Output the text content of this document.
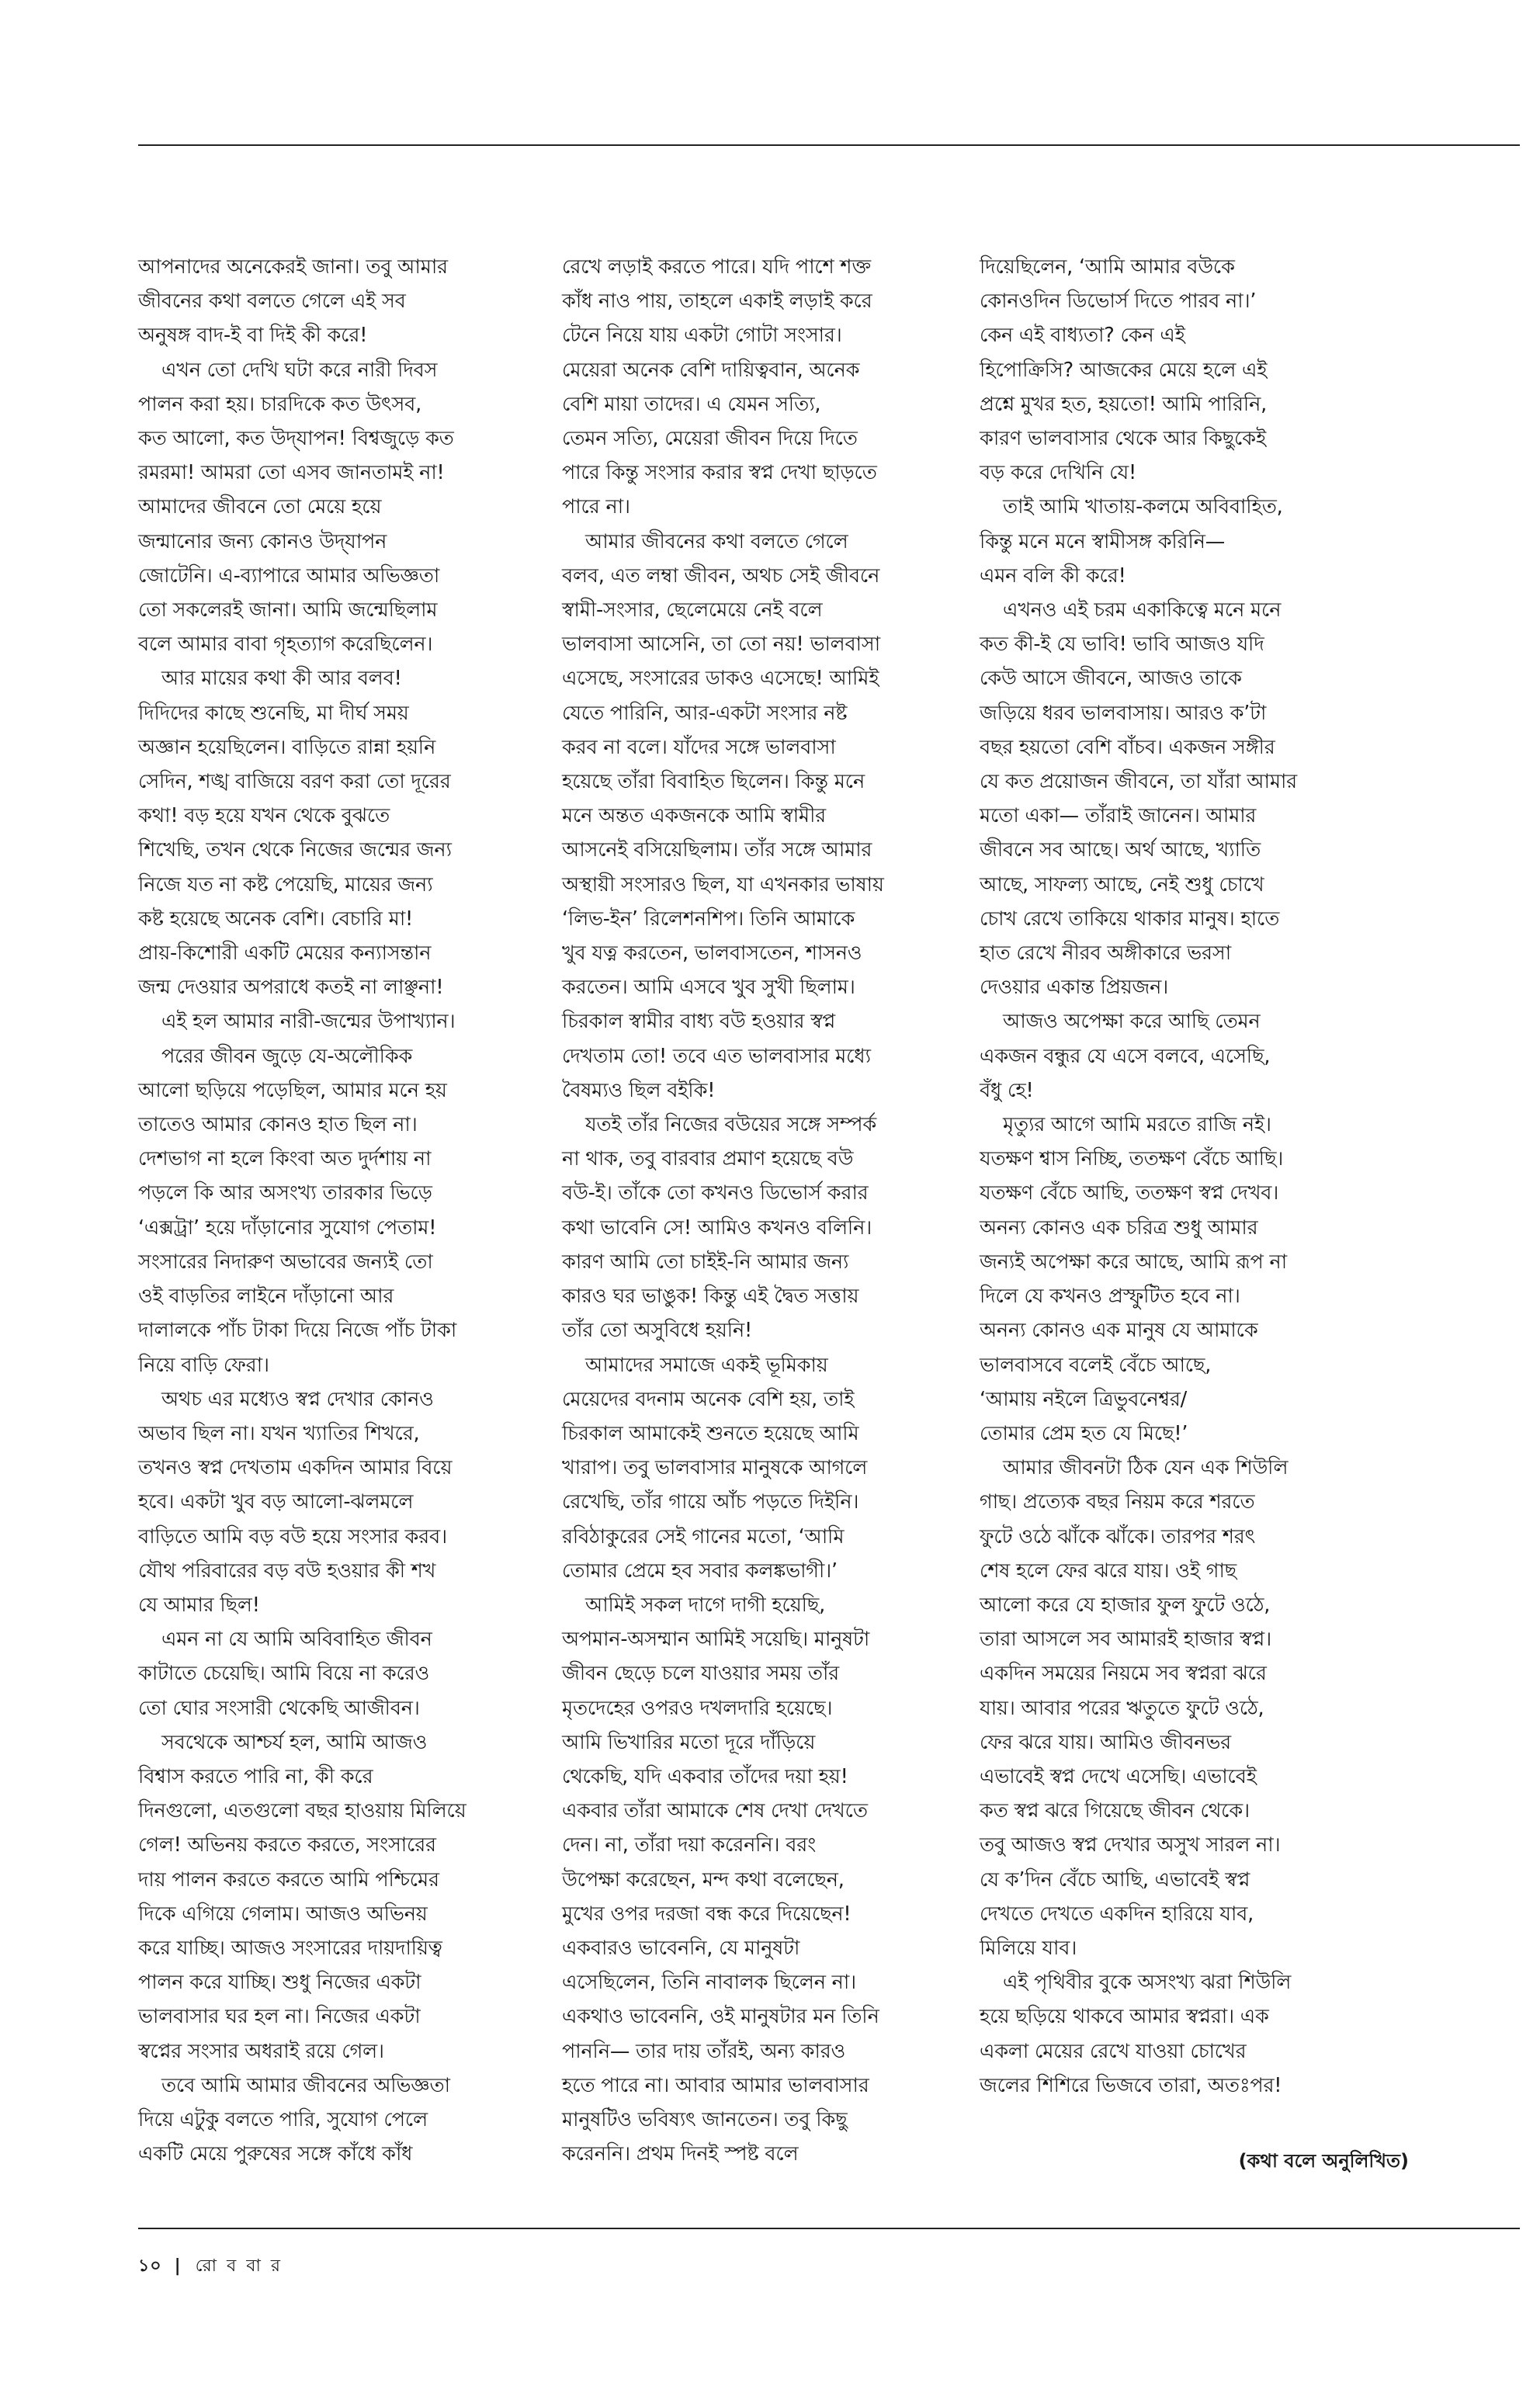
আপনাদের অনেকেরই জানা। তবু আমার
জীবনের কথা বলতে গেলে এই সব
অনুষঙ্গ বাদ-ই বা দিই কী করে!

এখন তো দেখি ঘটা করে নারী দিবস
পালন করা হয়। চারদিকে কত উৎসব,
কত আলো, কত উদ্‌যাপন! বিশ্বজুড়ে কত
রমরমা! আমরা তো এসব জানতামই না!
আমাদের জীবনে তো মেয়ে হয়ে
জন্মানোর জন্য কোনও উদ্‌যাপন
জোটেনি। এ-ব্যাপারে আমার অভিজ্ঞতা
তো সকলেরই জানা। আমি জন্মেছিলাম
বলে আমার বাবা গৃহত্যাগ করেছিলেন।

আর মায়ের কথা কী আর বলব!
দিদিদের কাছে শুনেছি, মা দীর্ঘ সময়
অজ্ঞান হয়েছিলেন। বাড়িতে রান্না হয়নি
সেদিন, শঙ্খ বাজিয়ে বরণ করা তো দূরের
কথা! বড় হয়ে যখন থেকে বুঝতে
শিখেছি, তখন থেকে নিজের জন্মের জন্য
নিজে যত না কষ্ট পেয়েছি, মায়ের জন্য
কষ্ট হয়েছে অনেক বেশি। বেচারি মা!
প্রায়-কিশোরী একটি মেয়ের কন্যাসন্তান
জন্ম দেওয়ার অপরাধে কতই না লাঞ্ছনা!

এই হল আমার নারী-জন্মের উপাখ্যান।

পরের জীবন জুড়ে যে-অলৌকিক
আলো ছড়িয়ে পড়েছিল, আমার মনে হয়
তাতেও আমার কোনও হাত ছিল না।
দেশভাগ না হলে কিংবা অত দুর্দশায় না
পড়লে কি আর অসংখ্য তারকার ভিড়ে
‘এক্সট্রা’ হয়ে দাঁড়ানোর সুযোগ পেতাম!
সংসারের নিদারুণ অভাবের জন্যই তো
ওই বাড়তির লাইনে দাঁড়ানো আর
দালালকে পাঁচ টাকা দিয়ে নিজে পাঁচ টাকা
নিয়ে বাড়ি ফেরা।

অথচ এর মধ্যেও স্বপ্ন দেখার কোনও
অভাব ছিল না। যখন খ্যাতির শিখরে,
তখনও স্বপ্ন দেখতাম একদিন আমার বিয়ে
হবে। একটা খুব বড় আলো-ঝলমলে
বাড়িতে আমি বড় বউ হয়ে সংসার করব।
যৌথ পরিবারের বড় বউ হওয়ার কী শখ
যে আমার ছিল!

এমন না যে আমি অবিবাহিত জীবন
কাটাতে চেয়েছি। আমি বিয়ে না করেও
তো ঘোর সংসারী থেকেছি আজীবন।

সবথেকে আশ্চর্য হল, আমি আজও
বিশ্বাস করতে পারি না, কী করে
দিনগুলো, এতগুলো বছর হাওয়ায় মিলিয়ে
গেল! অভিনয় করতে করতে, সংসারের
দায় পালন করতে করতে আমি পশ্চিমের
দিকে এগিয়ে গেলাম। আজও অভিনয়
করে যাচ্ছি। আজও সংসারের দায়দায়িত্ব
পালন করে যাচ্ছি। শুধু নিজের একটা
ভালবাসার ঘর হল না। নিজের একটা
স্বপ্নের সংসার অধরাই রয়ে গেল।

তবে আমি আমার জীবনের অভিজ্ঞতা
দিয়ে এটুকু বলতে পারি, সুযোগ পেলে
একটি মেয়ে পুরুষের সঙ্গে কাঁধে কাঁধ

রেখে লড়াই করতে পারে। যদি পাশে শক্ত
কাঁধ নাও পায়, তাহলে একাই লড়াই করে
টেনে নিয়ে যায় একটা গোটা সংসার।
মেয়েরা অনেক বেশি দায়িত্ববান, অনেক
বেশি মায়া তাদের। এ যেমন সত্যি,
তেমন সত্যি, মেয়েরা জীবন দিয়ে দিতে
পারে কিন্তু সংসার করার স্বপ্ন দেখা ছাড়তে
পারে না।

আমার জীবনের কথা বলতে গেলে
বলব, এত লম্বা জীবন, অথচ সেই জীবনে
স্বামী-সংসার, ছেলেমেয়ে নেই বলে
ভালবাসা আসেনি, তা তো নয়! ভালবাসা
এসেছে, সংসারের ডাকও এসেছে! আমিই
যেতে পারিনি, আর-একটা সংসার নষ্ট
করব না বলে। যাঁদের সঙ্গে ভালবাসা
হয়েছে তাঁরা বিবাহিত ছিলেন। কিন্তু মনে
মনে অন্তত একজনকে আমি স্বামীর
আসনেই বসিয়েছিলাম। তাঁর সঙ্গে আমার
অস্থায়ী সংসারও ছিল, যা এখনকার ভাষায়
‘লিভ-ইন’ রিলেশনশিপ। তিনি আমাকে
খুব যত্ন করতেন, ভালবাসতেন, শাসনও
করতেন। আমি এসবে খুব সুখী ছিলাম।
চিরকাল স্বামীর বাধ্য বউ হওয়ার স্বপ্ন
দেখতাম তো! তবে এত ভালবাসার মধ্যে
বৈষম্যও ছিল বইকি!

যতই তাঁর নিজের বউয়ের সঙ্গে সম্পর্ক
না থাক, তবু বারবার প্রমাণ হয়েছে বউ
বউ-ই। তাঁকে তো কখনও ডিভোর্স করার
কথা ভাবেনি সে! আমিও কখনও বলিনি।
কারণ আমি তো চাইই-নি আমার জন্য
কারও ঘর ভাঙুক! কিন্তু এই দ্বৈত সত্তায়
তাঁর তো অসুবিধে হয়নি!

আমাদের সমাজে একই ভূমিকায়
মেয়েদের বদনাম অনেক বেশি হয়, তাই
চিরকাল আমাকেই শুনতে হয়েছে আমি
খারাপ। তবু ভালবাসার মানুষকে আগলে
রেখেছি, তাঁর গায়ে আঁচ পড়তে দিইনি।
রবিঠাকুরের সেই গানের মতো, ‘আমি
তোমার প্রেমে হব সবার কলঙ্কভাগী।’

আমিই সকল দাগে দাগী হয়েছি,
অপমান-অসম্মান আমিই সয়েছি। মানুষটা
জীবন ছেড়ে চলে যাওয়ার সময় তাঁর
মৃতদেহের ওপরও দখলদারি হয়েছে।
আমি ভিখারির মতো দূরে দাঁড়িয়ে
থেকেছি, যদি একবার তাঁদের দয়া হয়!
একবার তাঁরা আমাকে শেষ দেখা দেখতে
দেন। না, তাঁরা দয়া করেননি। বরং
উপেক্ষা করেছেন, মন্দ কথা বলেছেন,
মুখের ওপর দরজা বন্ধ করে দিয়েছেন!
একবারও ভাবেননি, যে মানুষটা
এসেছিলেন, তিনি নাবালক ছিলেন না।
একথাও ভাবেননি, ওই মানুষটার মন তিনি
পাননি— তার দায় তাঁরই, অন্য কারও
হতে পারে না। আবার আমার ভালবাসার
মানুষটিও ভবিষ্যৎ জানতেন। তবু কিছু
করেননি। প্রথম দিনই স্পষ্ট বলে

দিয়েছিলেন, ‘আমি আমার বউকে
কোনওদিন ডিভোর্স দিতে পারব না।’
কেন এই বাধ্যতা? কেন এই
হিপোক্রিসি? আজকের মেয়ে হলে এই
প্রশ্নে মুখর হত, হয়তো! আমি পারিনি,
কারণ ভালবাসার থেকে আর কিছুকেই
বড় করে দেখিনি যে!

তাই আমি খাতায়-কলমে অবিবাহিত,
কিন্তু মনে মনে স্বামীসঙ্গ করিনি—
এমন বলি কী করে!

এখনও এই চরম একাকিত্বে মনে মনে
কত কী-ই যে ভাবি! ভাবি আজও যদি
কেউ আসে জীবনে, আজও তাকে
জড়িয়ে ধরব ভালবাসায়। আরও ক’টা
বছর হয়তো বেশি বাঁচব। একজন সঙ্গীর
যে কত প্রয়োজন জীবনে, তা যাঁরা আমার
মতো একা— তাঁরাই জানেন। আমার
জীবনে সব আছে। অর্থ আছে, খ্যাতি
আছে, সাফল্য আছে, নেই শুধু চোখে
চোখ রেখে তাকিয়ে থাকার মানুষ। হাতে
হাত রেখে নীরব অঙ্গীকারে ভরসা
দেওয়ার একান্ত প্রিয়জন।

আজও অপেক্ষা করে আছি তেমন
একজন বন্ধুর যে এসে বলবে, এসেছি,
বঁধু হে!

মৃত্যুর আগে আমি মরতে রাজি নই।
যতক্ষণ শ্বাস নিচ্ছি, ততক্ষণ বেঁচে আছি।
যতক্ষণ বেঁচে আছি, ততক্ষণ স্বপ্ন দেখব।
অনন্য কোনও এক চরিত্র শুধু আমার
জন্যই অপেক্ষা করে আছে, আমি রূপ না
দিলে যে কখনও প্রস্ফুটিত হবে না।
অনন্য কোনও এক মানুষ যে আমাকে
ভালবাসবে বলেই বেঁচে আছে,
‘আমায় নইলে ত্রিভুবনেশ্বর/
তোমার প্রেম হত যে মিছে!’

আমার জীবনটা ঠিক যেন এক শিউলি
গাছ। প্রত্যেক বছর নিয়ম করে শরতে
ফুটে ওঠে ঝাঁকে ঝাঁকে। তারপর শরৎ
শেষ হলে ফের ঝরে যায়। ওই গাছ
আলো করে যে হাজার ফুল ফুটে ওঠে,
তারা আসলে সব আমারই হাজার স্বপ্ন।
একদিন সময়ের নিয়মে সব স্বপ্নরা ঝরে
যায়। আবার পরের ঋতুতে ফুটে ওঠে,
ফের ঝরে যায়। আমিও জীবনভর
এভাবেই স্বপ্ন দেখে এসেছি। এভাবেই
কত স্বপ্ন ঝরে গিয়েছে জীবন থেকে।
তবু আজও স্বপ্ন দেখার অসুখ সারল না।
যে ক’দিন বেঁচে আছি, এভাবেই স্বপ্ন
দেখতে দেখতে একদিন হারিয়ে যাব,
মিলিয়ে যাব।

এই পৃথিবীর বুকে অসংখ্য ঝরা শিউলি
হয়ে ছড়িয়ে থাকবে আমার স্বপ্নরা। এক
একলা মেয়ের রেখে যাওয়া চোখের
জলের শিশিরে ভিজবে তারা, অতঃপর!

(কথা বলে অনুলিখিত)
১০ | রো ব বা র
